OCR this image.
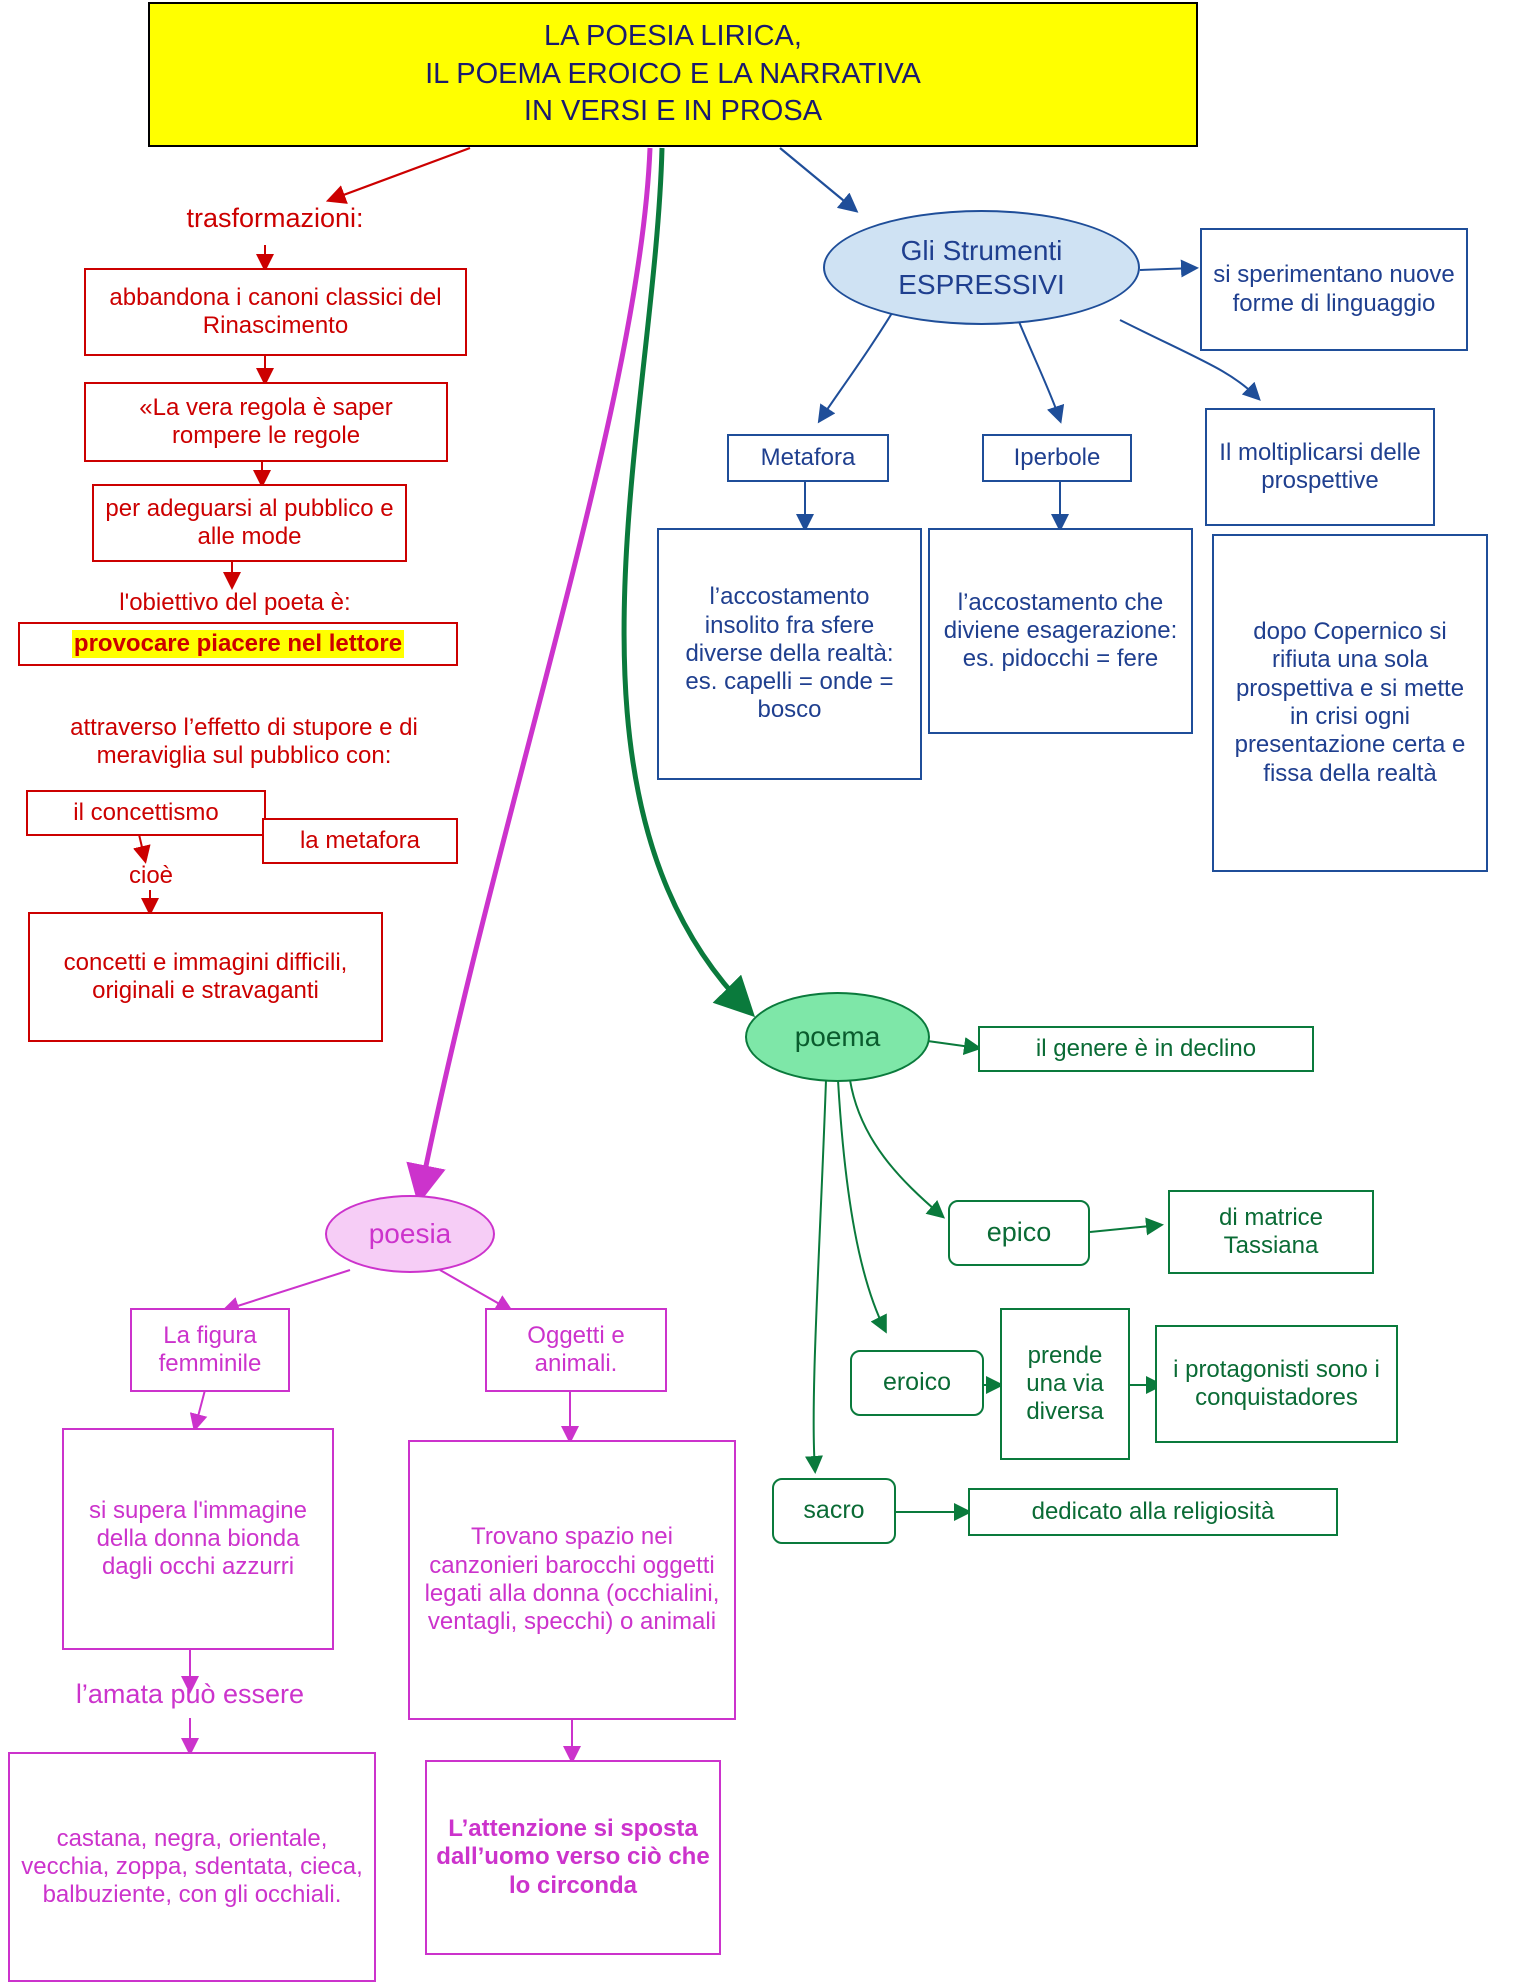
LA POESIA LIRICA,
IL POEMA EROICO E LA NARRATIVA
IN VERSI E IN PROSA
trasformazioni:
abbandona i canoni classici del Rinascimento
«La vera regola è saper rompere le regole
per adeguarsi al pubblico e alle mode
l'obiettivo del poeta è:
provocare piacere nel lettore
attraverso l’effetto di stupore e di meraviglia sul pubblico con:
il concettismo
la metafora
cioè
concetti e immagini difficili, originali e stravaganti
Gli Strumenti ESPRESSIVI	si sperimentano nuove forme di linguaggio
Metafora	Iperbole	Il moltiplicarsi delle prospettive
l’accostamento insolito fra sfere diverse della realtà: es. capelli = onde = bosco
l’accostamento che diviene esagerazione: es. pidocchi = fere
dopo Copernico si rifiuta una sola prospettiva e si mette in crisi ogni presentazione certa e fissa della realtà
poema	il genere è in declino
epico	di matrice Tassiana
eroico
prende una via diversa
i protagonisti sono i conquistadores
sacro	dedicato alla religiosità
poesia
La figura femminile
Oggetti e animali.
si supera l'immagine della donna bionda dagli occhi azzurri
l’amata può essere
castana, negra, orientale, vecchia, zoppa, sdentata, cieca, balbuziente, con gli occhiali.
Trovano spazio nei canzonieri barocchi oggetti legati alla donna (occhialini, ventagli, specchi) o animali
L’attenzione si sposta dall’uomo verso ciò che lo circonda
